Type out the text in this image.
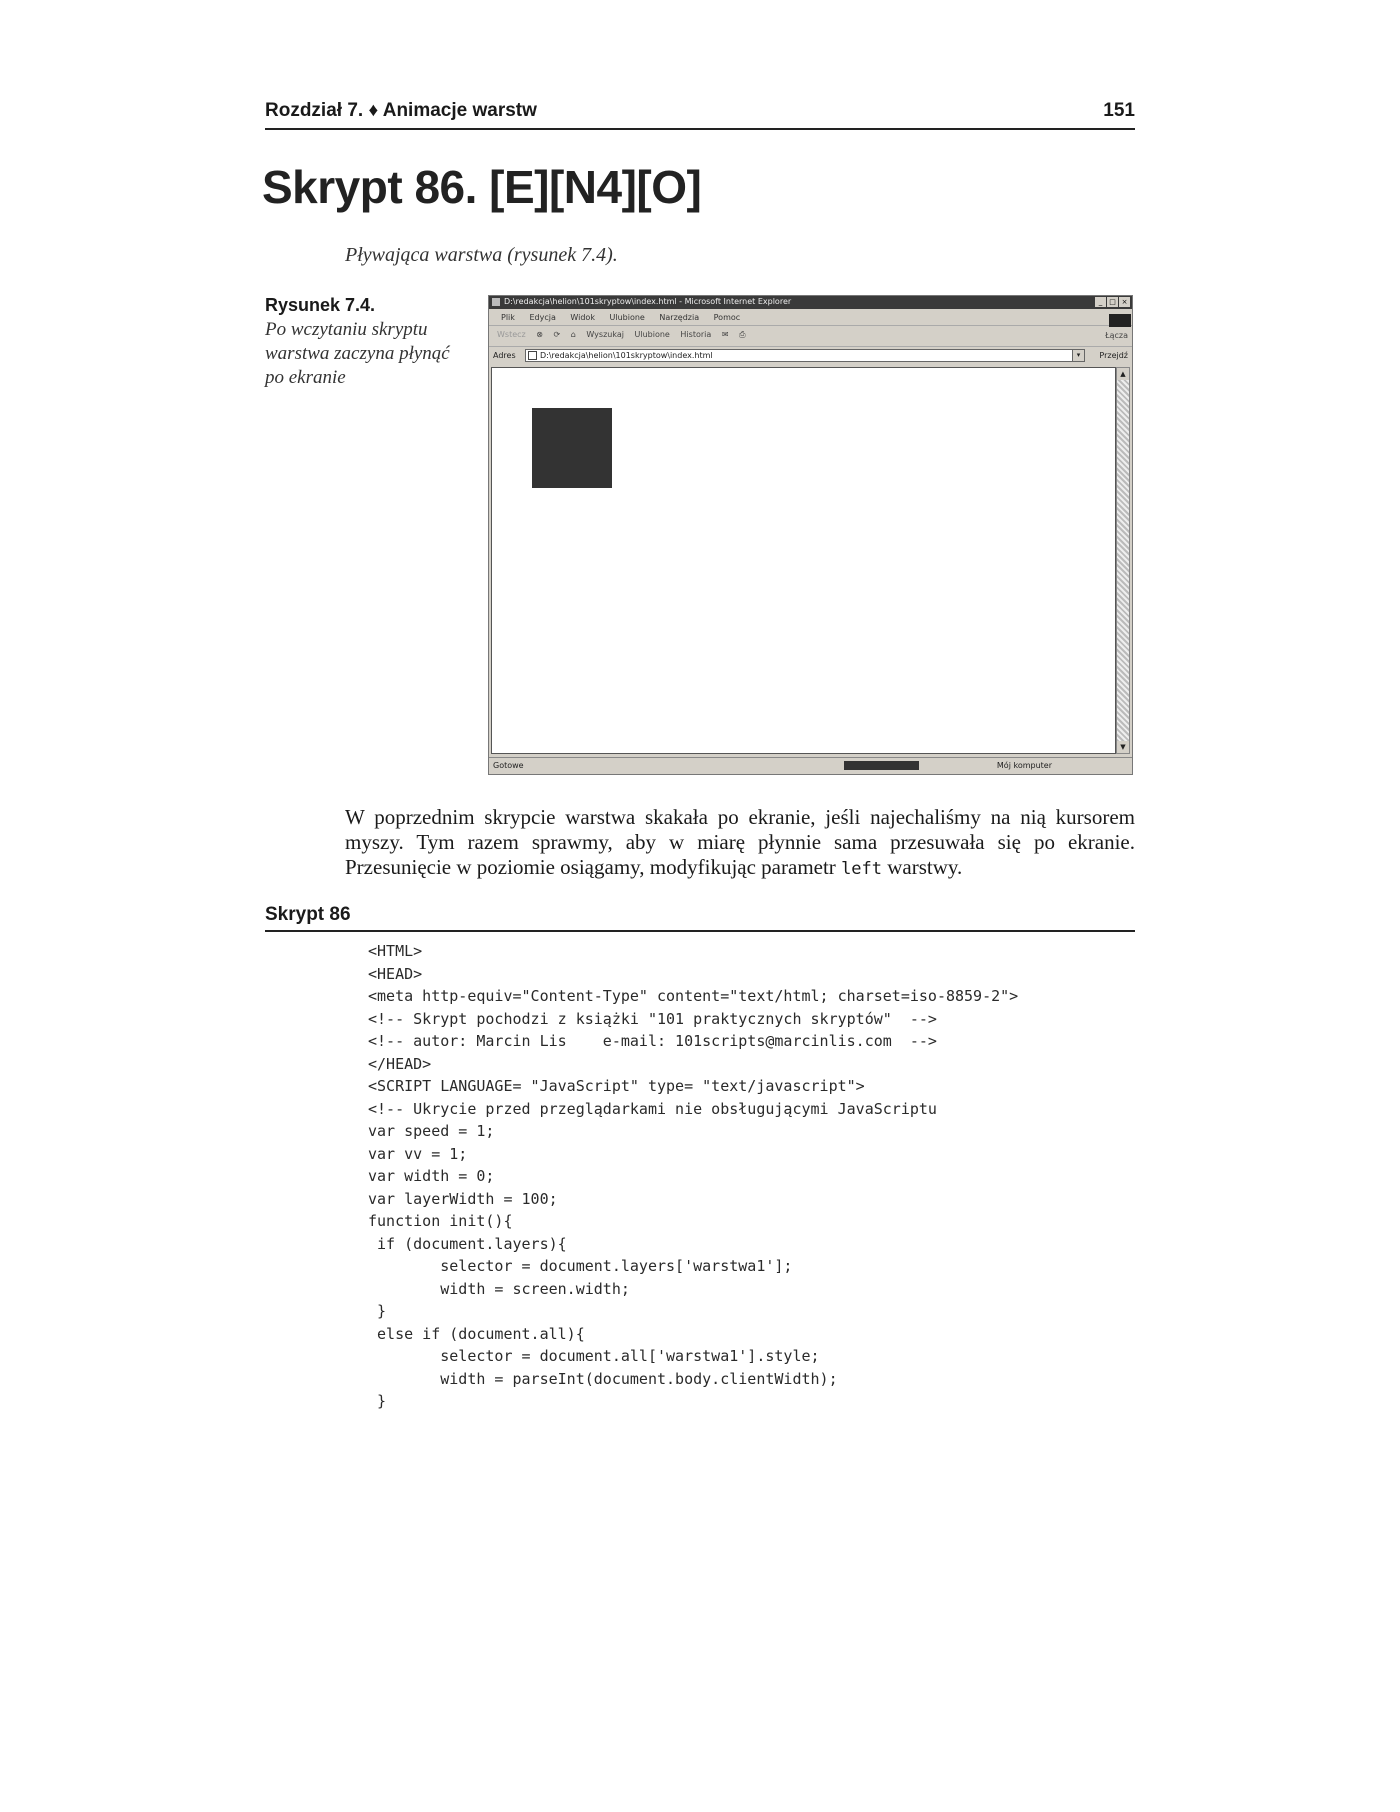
Rozdział 7. ♦ Animacje warstw	151
Skrypt 86. [E][N4][O]
Pływająca warstwa (rysunek 7.4).
Rysunek 7.4.
Po wczytaniu skryptu warstwa zaczyna płynąć po ekranie
D:\redakcja\helion\101skryptow\index.html - Microsoft Internet Explorer	_ □ ×
Plik Edycja Widok Ulubione Narzędzia Pomoc
Wstecz ⊗ ⟳ ⌂ Wyszukaj Ulubione Historia ✉ ⎙	Łącza
Adres	D:\redakcja\helion\101skryptow\index.html	▾	Przejdź
▲
▼
Gotowe	Mój komputer

W poprzednim skrypcie warstwa skakała po ekranie, jeśli najechaliśmy na nią kursorem myszy. Tym razem sprawmy, aby w miarę płynnie sama przesuwała się po ekranie. Przesunięcie w poziomie osiągamy, modyfikując parametr left warstwy.

Skrypt 86
<HTML>
<HEAD>
<meta http-equiv="Content-Type" content="text/html; charset=iso-8859-2">
<!-- Skrypt pochodzi z książki "101 praktycznych skryptów"  -->
<!-- autor: Marcin Lis    e-mail: 101scripts@marcinlis.com  -->
</HEAD>
<SCRIPT LANGUAGE= "JavaScript" type= "text/javascript">
<!-- Ukrycie przed przeglądarkami nie obsługującymi JavaScriptu
var speed = 1;
var vv = 1;
var width = 0;
var layerWidth = 100;
function init(){
if (document.layers){
selector = document.layers['warstwa1'];
width = screen.width;
}
else if (document.all){
selector = document.all['warstwa1'].style;
width = parseInt(document.body.clientWidth);
}
